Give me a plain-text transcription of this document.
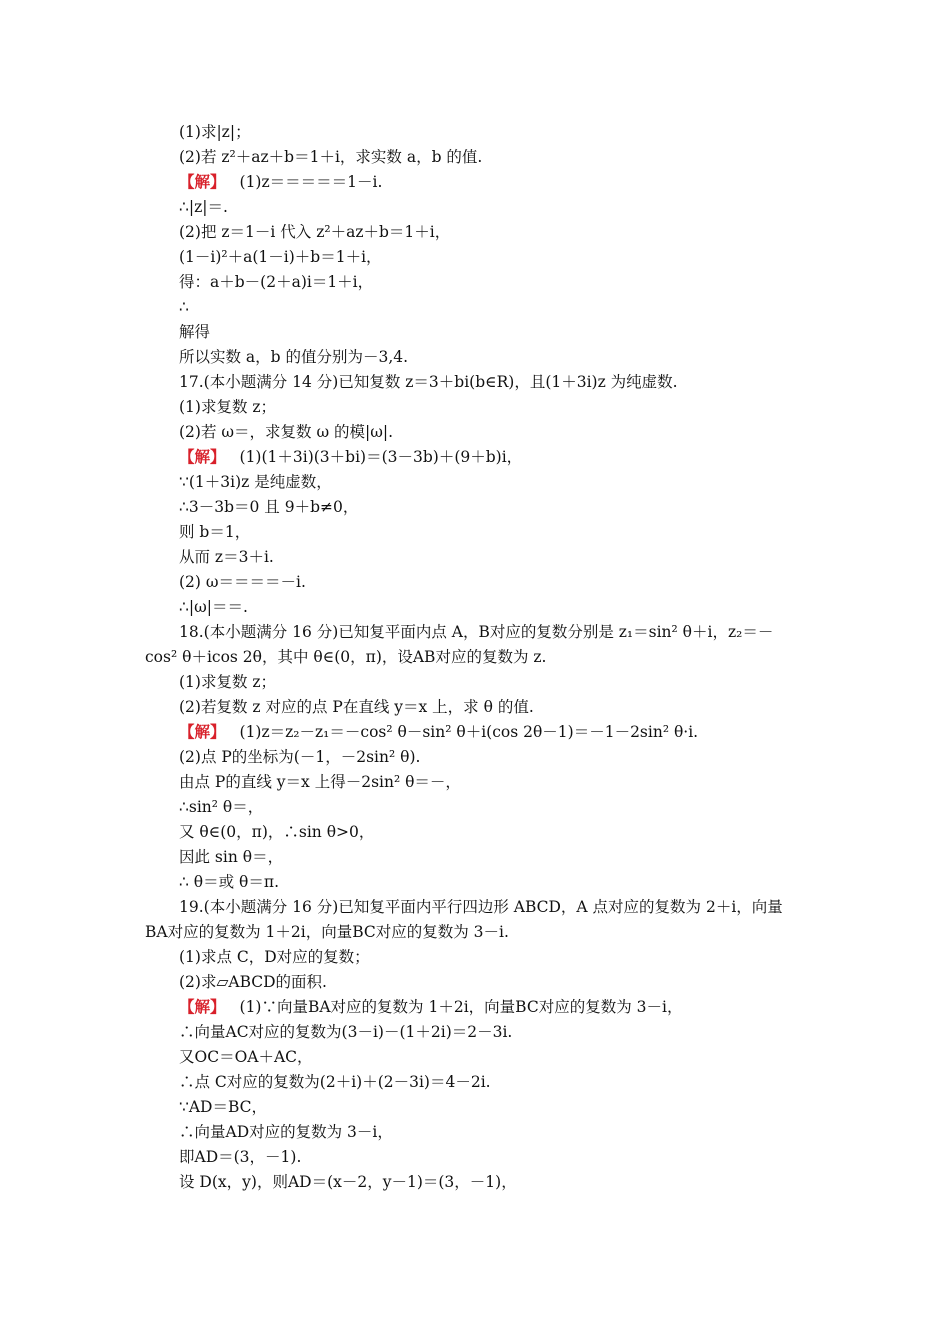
(1)求|z|；
(2)若 z²＋az＋b＝1＋i，求实数 a，b 的值.
【解】 (1)z＝＝＝＝＝1－i.
∴|z|＝.
(2)把 z＝1－i 代入 z²＋az＋b＝1＋i，
(1－i)²＋a(1－i)＋b＝1＋i，
得：a＋b－(2＋a)i＝1＋i，
∴
解得
所以实数 a，b 的值分别为－3,4.
17.(本小题满分 14 分)已知复数 z＝3＋bi(b∈R)，且(1＋3i)z 为纯虚数.
(1)求复数 z；
(2)若 ω＝，求复数 ω 的模|ω|.
【解】 (1)(1＋3i)(3＋bi)＝(3－3b)＋(9＋b)i，
∵(1＋3i)z 是纯虚数，
∴3－3b＝0 且 9＋b≠0，
则 b＝1，
从而 z＝3＋i.
(2) ω＝＝＝＝－i.
∴|ω|＝＝.
18.(本小题满分 16 分)已知复平面内点 A，B对应的复数分别是 z₁＝sin² θ＋i，z₂＝－
cos² θ＋icos 2θ，其中 θ∈(0，π)，设AB对应的复数为 z.
(1)求复数 z；
(2)若复数 z 对应的点 P在直线 y＝x 上，求 θ 的值.
【解】 (1)z＝z₂－z₁＝－cos² θ－sin² θ＋i(cos 2θ－1)＝－1－2sin² θ·i.
(2)点 P的坐标为(－1，－2sin² θ).
由点 P的直线 y＝x 上得－2sin² θ＝－，
∴sin² θ＝，
又 θ∈(0，π)，∴sin θ>0，
因此 sin θ＝，
∴ θ＝或 θ＝π.
19.(本小题满分 16 分)已知复平面内平行四边形 ABCD，A 点对应的复数为 2＋i，向量
BA对应的复数为 1＋2i，向量BC对应的复数为 3－i.
(1)求点 C，D对应的复数；
(2)求▱ABCD的面积.
【解】 (1)∵向量BA对应的复数为 1＋2i，向量BC对应的复数为 3－i，
∴向量AC对应的复数为(3－i)－(1＋2i)＝2－3i.
又OC＝OA＋AC，
∴点 C对应的复数为(2＋i)＋(2－3i)＝4－2i.
∵AD＝BC，
∴向量AD对应的复数为 3－i，
即AD＝(3，－1).
设 D(x，y)，则AD＝(x－2，y－1)＝(3，－1)，
